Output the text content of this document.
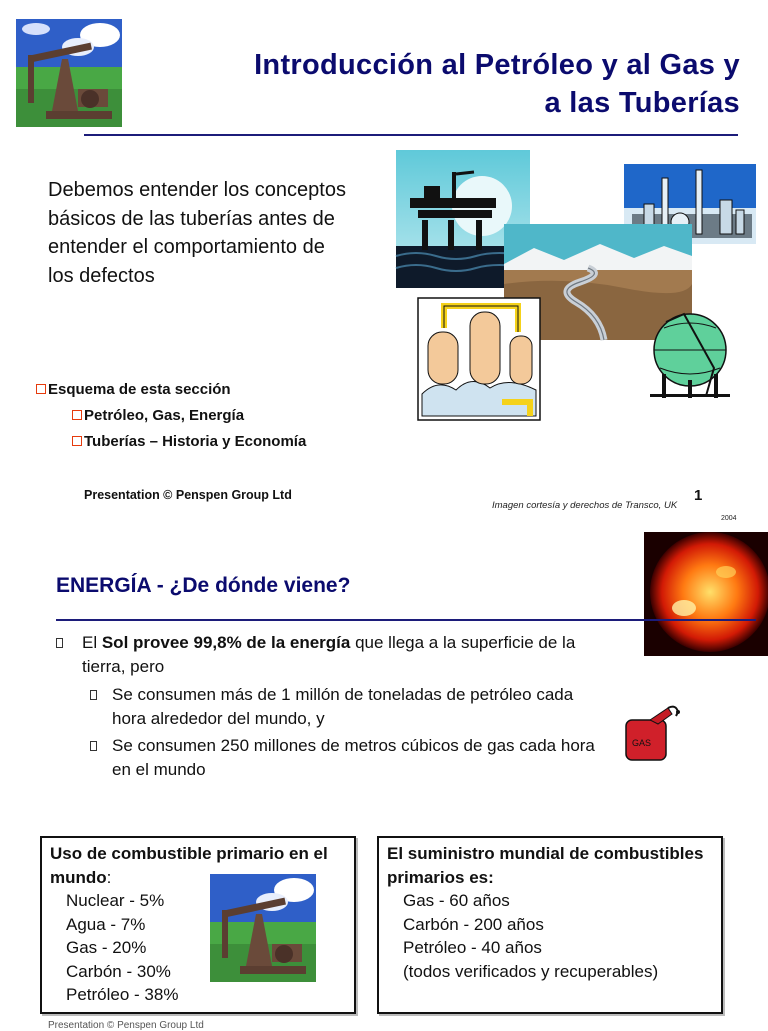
Introducción al Petróleo y al Gas y
a las Tuberías
Debemos entender los conceptos básicos de las tuberías antes de entender el comportamiento de los defectos
Esquema de esta sección
Petróleo, Gas, Energía
Tuberías – Historia y Economía
Presentation © Penspen Group Ltd
Imagen cortesía y derechos de Transco, UK
1
2004
ENERGÍA - ¿De dónde viene?
El Sol provee 99,8% de la energía que llega a la superficie de la tierra, pero
Se consumen más de 1 millón de toneladas de petróleo cada hora alrededor del mundo, y
Se consumen 250 millones de metros cúbicos de gas cada hora en el mundo
GAS
Uso de combustible primario en el mundo:
Nuclear - 5%
Agua - 7%
Gas - 20%
Carbón - 30%
Petróleo - 38%
El suministro mundial de combustibles primarios es:
Gas - 60 años
Carbón - 200 años
Petróleo - 40 años
(todos verificados y recuperables)
Presentation © Penspen Group Ltd
